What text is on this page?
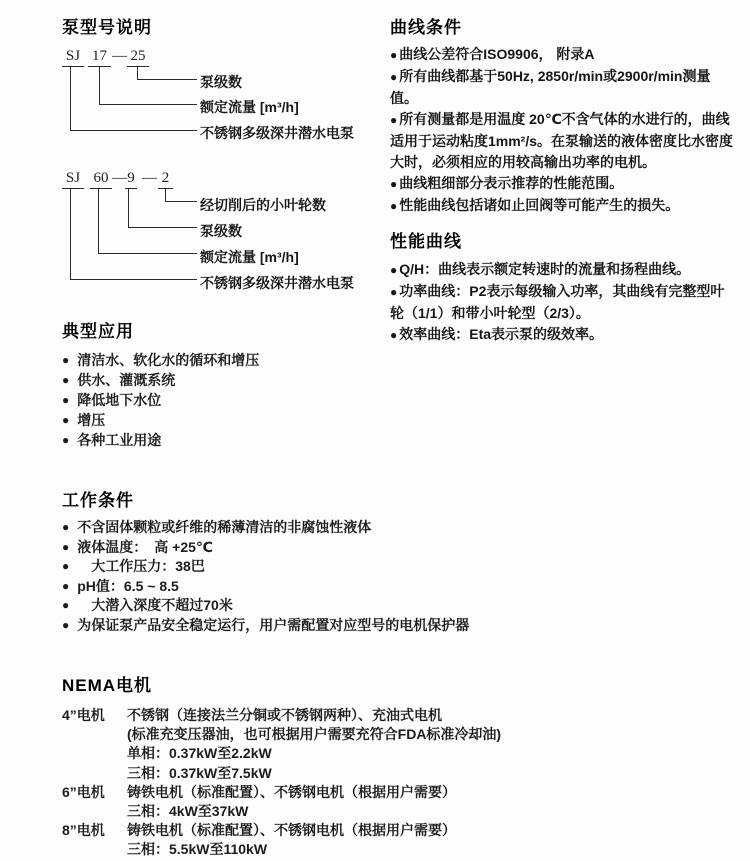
泵型号说明
SJ 17 — 25
泵级数
额定流量 [m³/h]
不锈钢多级深井潜水电泵
SJ 60 — 9 — 2
经切削后的小叶轮数
泵级数
额定流量 [m³/h]
不锈钢多级深井潜水电泵
典型应用
● 清洁水、软化水的循环和增压
● 供水、灌溉系统
● 降低地下水位
● 增压
● 各种工业用途
工作条件
● 不含固体颗粒或纤维的稀薄清洁的非腐蚀性液体
● 液体温度：　高 +25℃
● 　大工作压力：38巴
● pH值：6.5 ~ 8.5
● 　大潜入深度不超过70米
● 为保证泵产品安全稳定运行，用户需配置对应型号的电机保护器
NEMA电机
4”电机	不锈钢（连接法兰分铜或不锈钢两种）、充油式电机
(标准充变压器油，也可根据用户需要充符合FDA标准冷却油)
单相：0.37kW至2.2kW
三相：0.37kW至7.5kW
6”电机	铸铁电机（标准配置）、不锈钢电机（根据用户需要）
三相：4kW至37kW
8”电机	铸铁电机（标准配置）、不锈钢电机（根据用户需要）
三相：5.5kW至110kW
曲线条件

● 曲线公差符合ISO9906， 附录A

● 所有曲线都基于50Hz, 2850r/min或2900r/min测量值。

● 所有测量都是用温度 20℃不含气体的水进行的，曲线适用于运动粘度1mm²/s。在泵输送的液体密度比水密度大时，必须相应的用较高输出功率的电机。

● 曲线粗细部分表示推荐的性能范围。

● 性能曲线包括诸如止回阀等可能产生的损失。

性能曲线

● Q/H：曲线表示额定转速时的流量和扬程曲线。

● 功率曲线：P2表示每级输入功率，其曲线有完整型叶轮（1/1）和带小叶轮型（2/3）。

● 效率曲线：Eta表示泵的级效率。
